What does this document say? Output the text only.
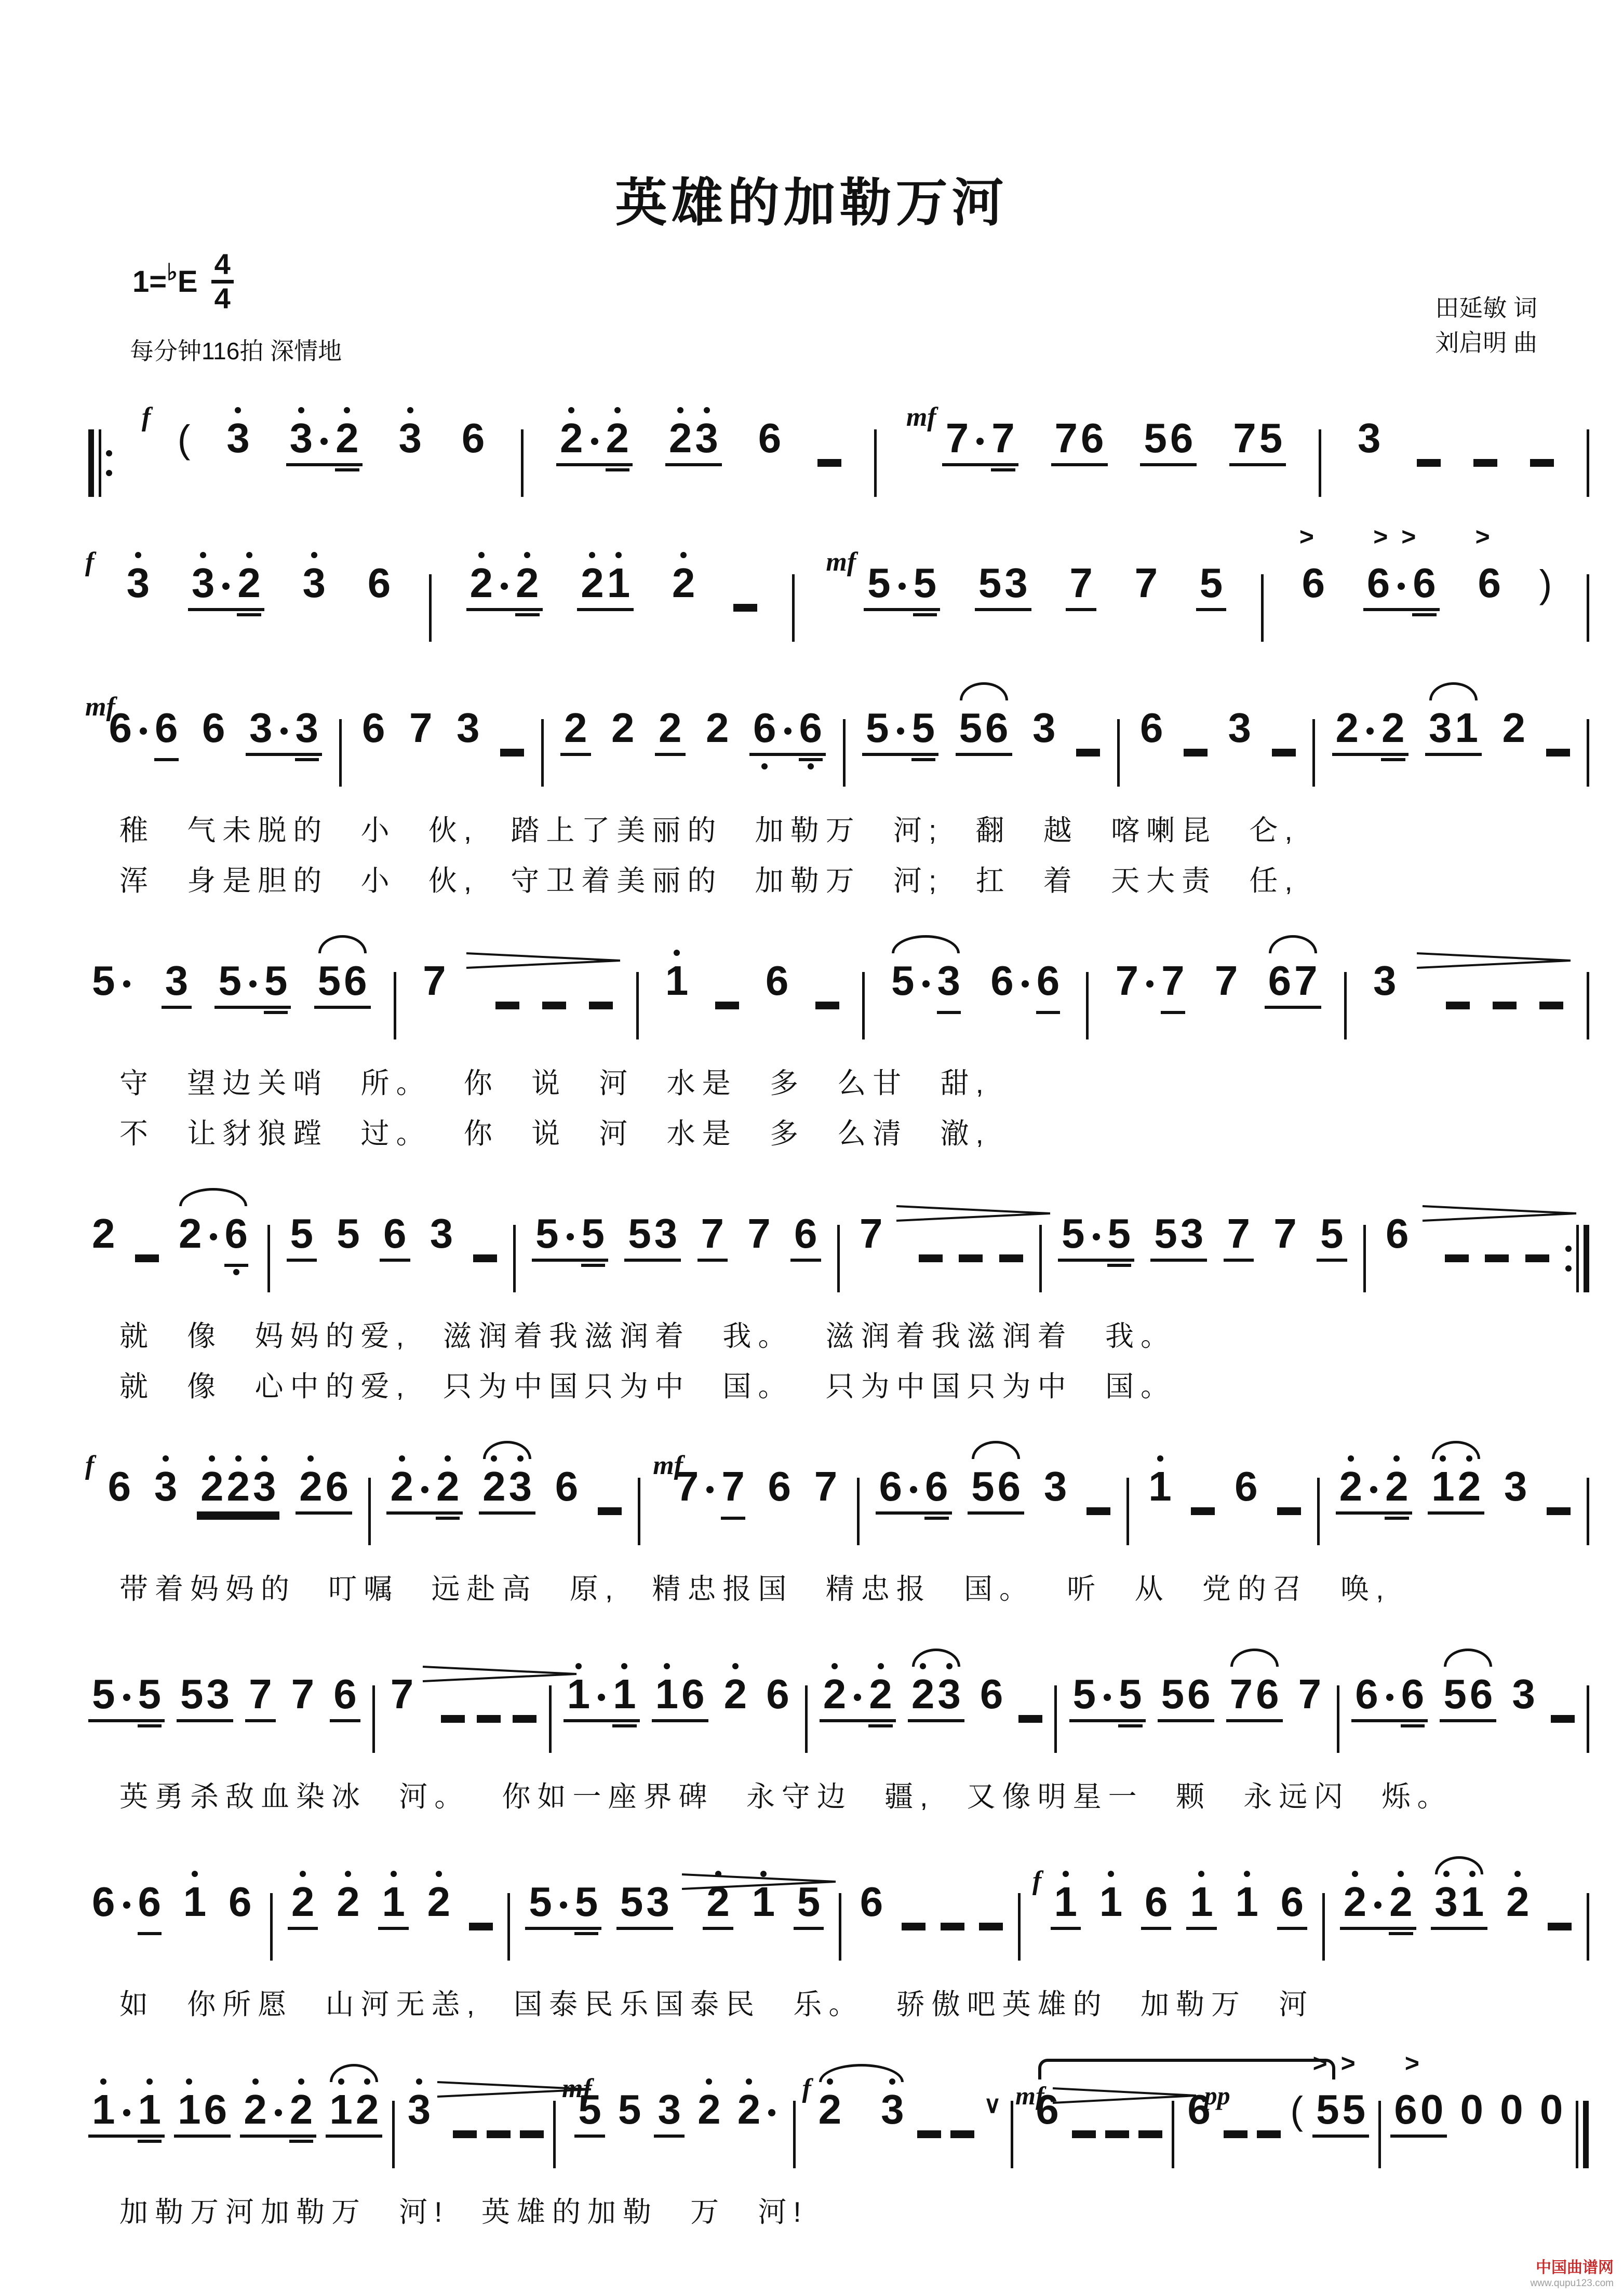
英雄的加勒万河
1= ♭ E
4
4
每分钟116拍 深情地
田延敏 词
刘启明 曲
f
( 3 3 2 3 6 2 2 2 3 6	mf 7 7 7 6 5 6 7 5 3
f 3 3 2 3 6 2 2 2 1 2	mf 5 5 5 3 7 7 5 6
>
6 6
>>
6
>
)
mf
6 6 6 3 3 6 7 3 2 2 2 2 6 6 5 5 5 6 3 6 3 2 2 3 1 2
稚 气未脱的 小 伙, 踏上了美丽的 加勒万 河; 翻 越 喀喇昆 仑,
浑 身是胆的 小 伙, 守卫着美丽的 加勒万 河; 扛 着 天大责 任,
5 3 5 5 5 6 7	1 6 5 3 6 6 7 7 7 6 7 3
守 望边关哨 所。 你 说 河 水是 多 么甘 甜,
不 让豺狼蹚 过。 你 说 河 水是 多 么清 澈,
2 2 6 5 5 6 3 5 5 5 3 7 7 6 7	5 5 5 3 7 7 5 6
就 像 妈妈的爱, 滋润着我滋润着 我。 滋润着我滋润着 我。
就 像 心中的爱, 只为中国只为中 国。 只为中国只为中 国。
f 6 3 2 2 3 2 6 2 2 2 3 6	mf
7 7 6 7 6 6 5 6 3 1 6 2 2 1 2 3
带着妈妈的 叮嘱 远赴高 原, 精忠报国 精忠报 国。 听 从 党的召 唤,
5 5 5 3 7 7 6 7	1 1 1 6 2 6 2 2 2 3 6 5 5 5 6 7 6 7 6 6 5 6 3
英勇杀敌血染冰 河。 你如一座界碑 永守边 疆, 又像明星一 颗 永远闪 烁。
6 6 1 6 2 2 1 2 5 5 5 3 2 1 5 6	f 1 1 6 1 1 6 2 2 3 1 2
如 你所愿 山河无恙, 国泰民乐国泰民 乐。 骄傲吧英雄的 加勒万 河
1 1 1 6 2 2 1 2 3	mf
5 5 3 2 2 f 2 3	∨ mf	pp
6	6 ( 5 5
>>
6 0
>
0 0 0
加勒万河加勒万 河! 英雄的加勒 万 河!
中国曲谱网
www.qupu123.com
